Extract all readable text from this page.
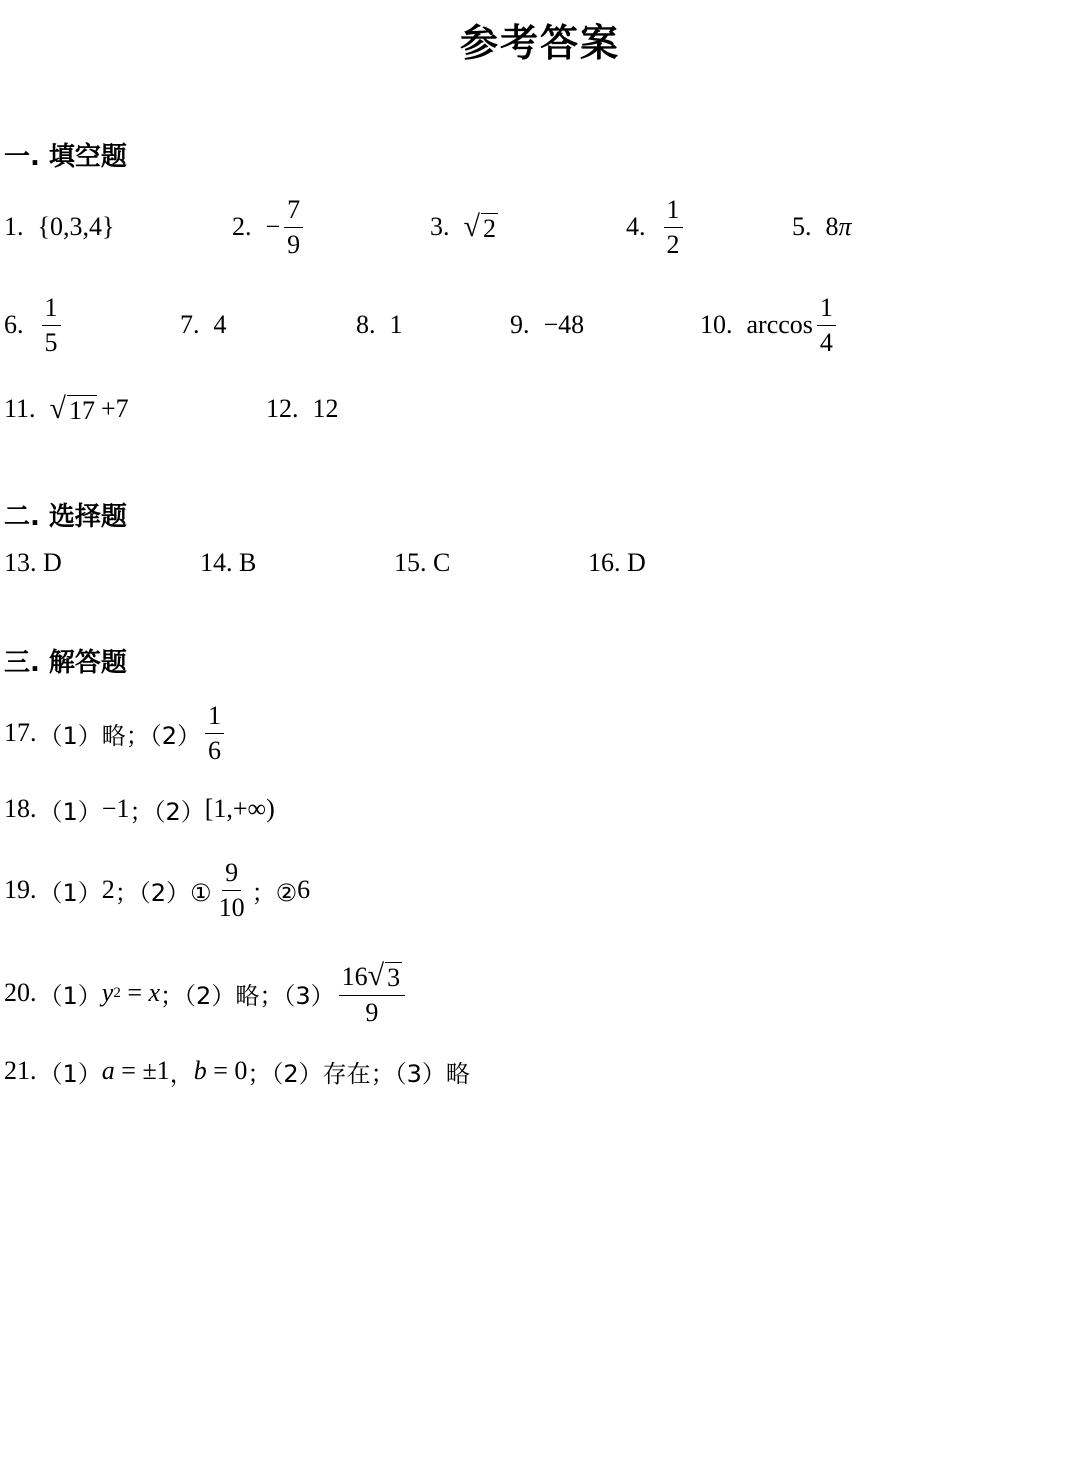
参考答案
一. 填空题
1. {0,3,4}	2. − $\frac{7}{9}$	3. √ 2	4. $\frac{1}{2}$	5. 8 π
6. $\frac{1}{5}$	7. 4	8. 1	9. −48	10. $\arccos \frac{1}{4}$
11. √ 17 +7	12. 12
二. 选择题
13. D	14. B	15. C	16. D
三. 解答题
17. （1）略；$(2) \frac{1}{6}$
18. （1） −1 ；（2） [1,+∞)
19. （1） 2 ；（2）① $\frac{9}{10}$ ；② 6
20. （1） y 2 = x ；（2）略；$(3) \frac{16 √ 3}{9}$
21. （1） a = ±1 ， b = 0 ；（2）存在；（3）略
